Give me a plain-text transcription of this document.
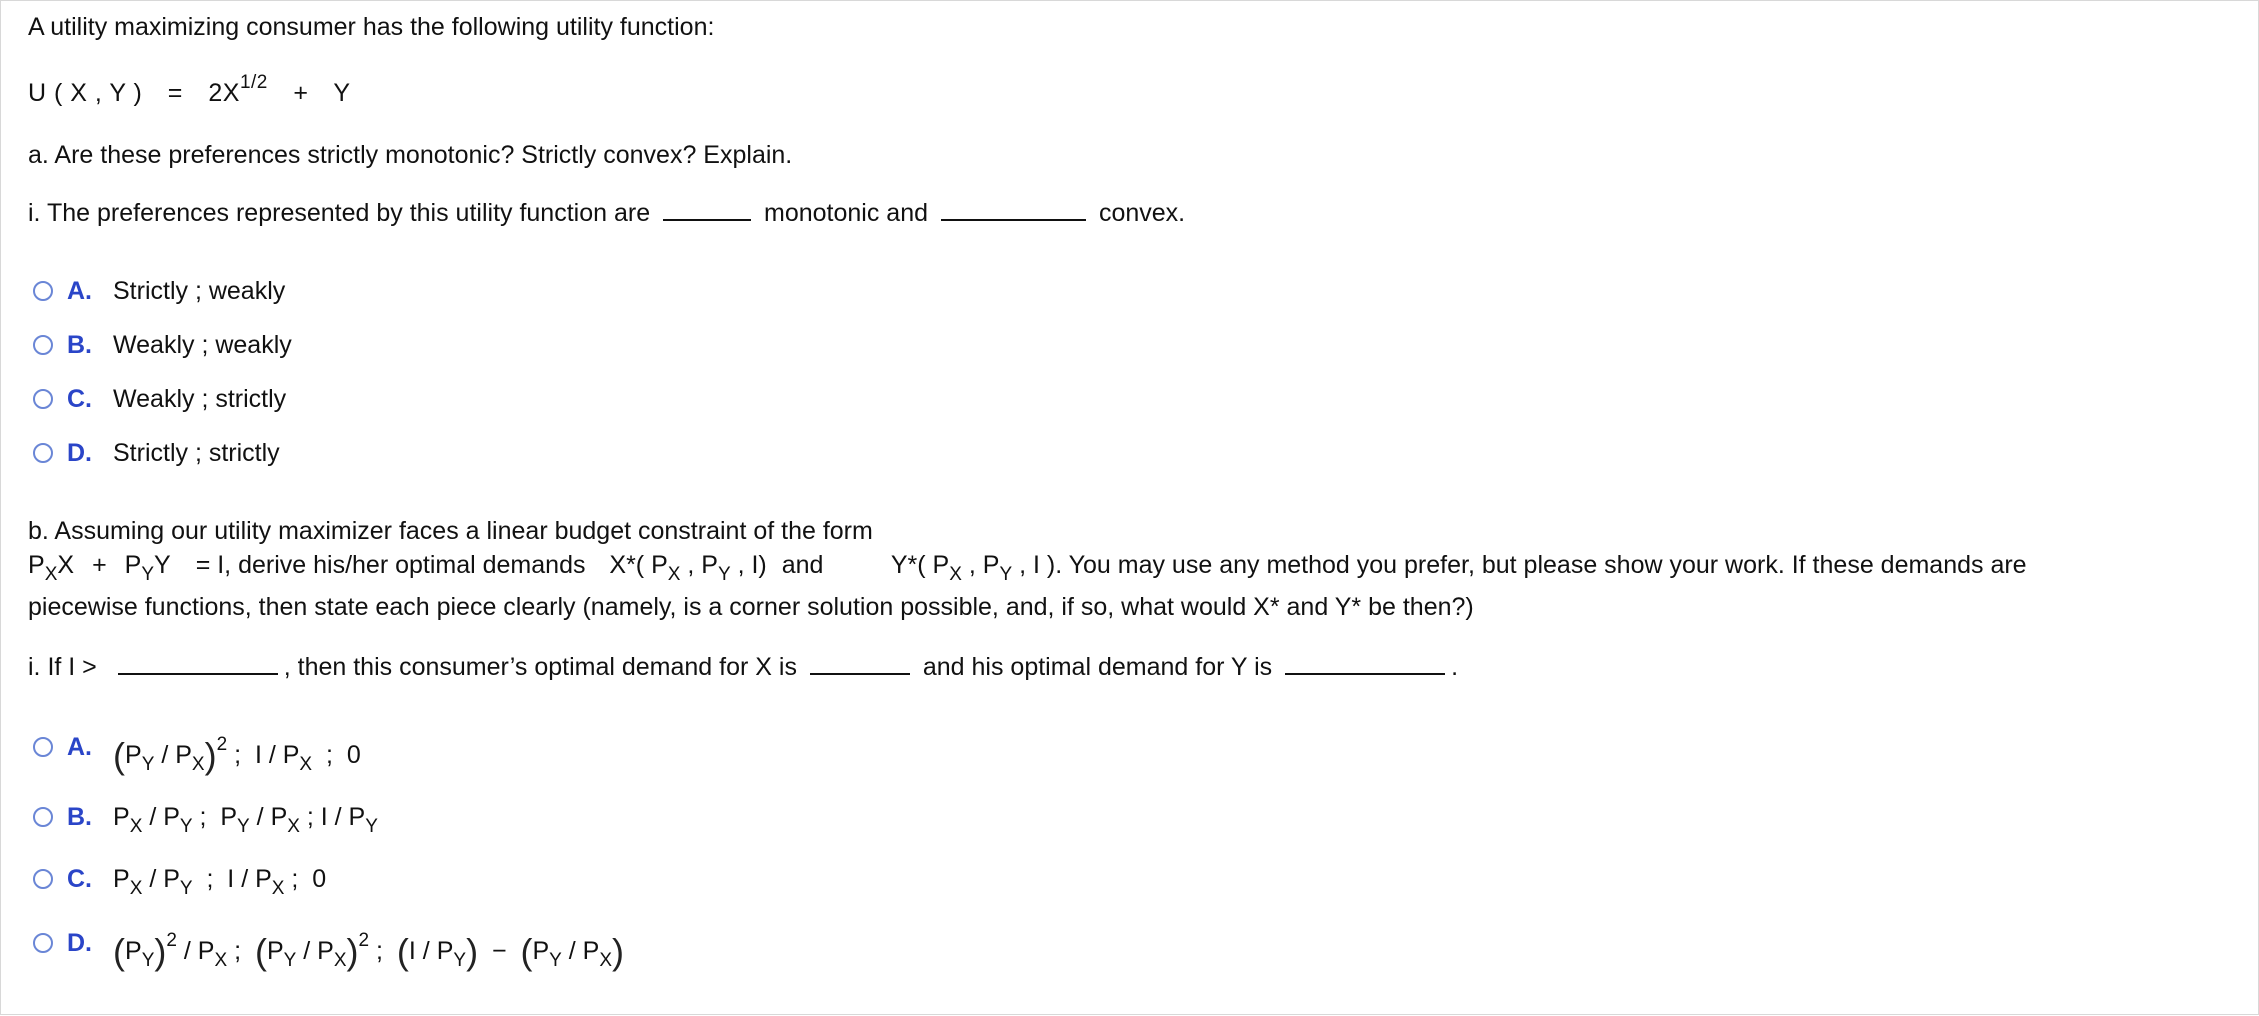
A utility maximizing consumer has the following utility function:
U ( X , Y ) = $2X^{1/2} + Y$
a. Are these preferences strictly monotonic? Strictly convex? Explain.
i. The preferences represented by this utility function are	monotonic and	convex.
A. Strictly ; weakly
B. Weakly ; weakly
C. Weakly ; strictly
D. Strictly ; strictly
b. Assuming our utility maximizer faces a linear budget constraint of the form
$P_XX + P_YY = I$, derive his/her optimal demands X*( $P_X$ , $P_Y$ , I) and	Y*( $P_X$ , $P_Y$ , I ). You may use any method you prefer, but please show your work. If these demands are
piecewise functions, then state each piece clearly (namely, is a corner solution possible, and, if so, what would X* and Y* be then?)
i. If I >	, then this consumer’s optimal demand for X is	and his optimal demand for Y is	.
A. $(P_Y / P_X)^2$ ;  I / $P_X$  ;  0
B. $P_X / P_Y$ ;  $P_Y / P_X$ ; I / $P_Y$
C. $P_X / P_Y$  ;  I / $P_X$ ;  0
D. $(P_Y)^2 / P_X$ ;  $(P_Y / P_X)^2$ ;  $(I / P_Y) - (P_Y / P_X)$
